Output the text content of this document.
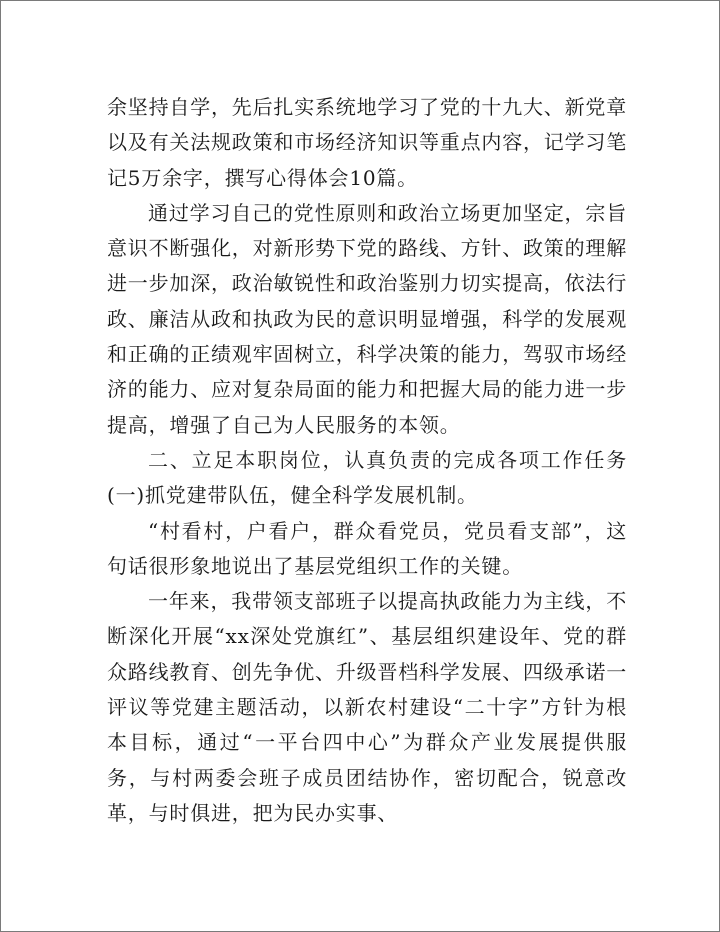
余坚持自学，先后扎实系统地学习了党的十九大、新党章以及有关法规政策和市场经济知识等重点内容，记学习笔记5万余字，撰写心得体会10篇。

通过学习自己的党性原则和政治立场更加坚定，宗旨意识不断强化，对新形势下党的路线、方针、政策的理解进一步加深，政治敏锐性和政治鉴别力切实提高，依法行政、廉洁从政和执政为民的意识明显增强，科学的发展观和正确的正绩观牢固树立，科学决策的能力，驾驭市场经济的能力、应对复杂局面的能力和把握大局的能力进一步提高，增强了自己为人民服务的本领。

二、立足本职岗位，认真负责的完成各项工作任务(一)抓党建带队伍，健全科学发展机制。

“村看村，户看户，群众看党员，党员看支部”，这句话很形象地说出了基层党组织工作的关键。

一年来，我带领支部班子以提高执政能力为主线，不断深化开展“xx深处党旗红”、基层组织建设年、党的群众路线教育、创先争优、升级晋档科学发展、四级承诺一评议等党建主题活动，以新农村建设“二十字”方针为根本目标，通过“一平台四中心”为群众产业发展提供服务，与村两委会班子成员团结协作，密切配合，锐意改革，与时俱进，把为民办实事、
